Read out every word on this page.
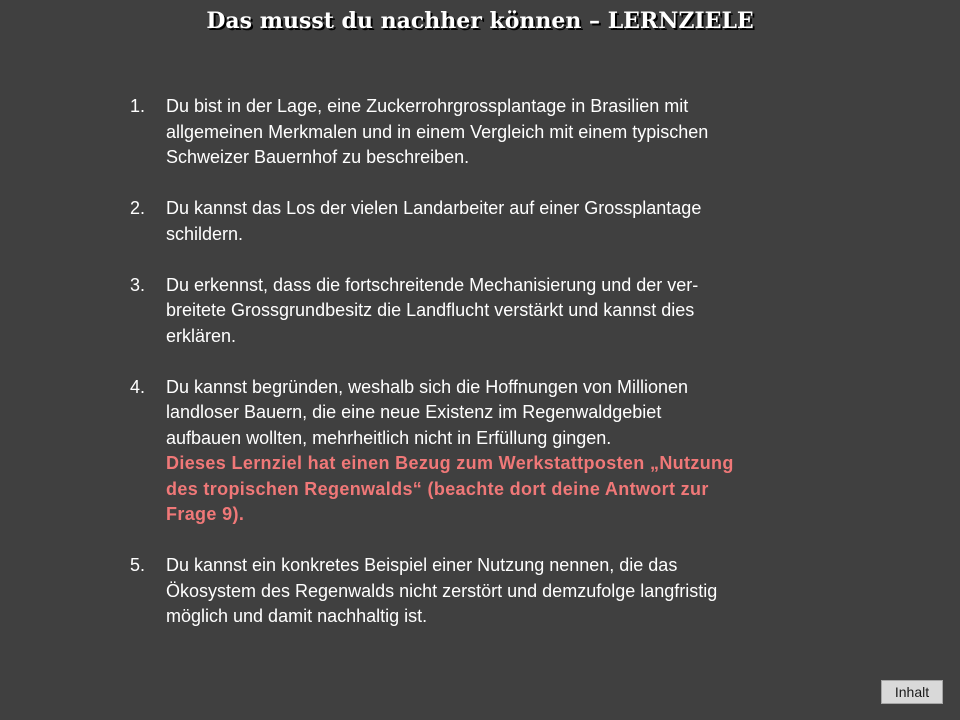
Das musst du nachher können – LERNZIELE
1.	Du bist in der Lage, eine Zuckerrohrgrossplantage in Brasilien mit
allgemeinen Merkmalen und in einem Vergleich mit einem typischen
Schweizer Bauernhof zu beschreiben.
2.	Du kannst das Los der vielen Landarbeiter auf einer Grossplantage
schildern.
3.	Du erkennst, dass die fortschreitende Mechanisierung und der ver-
breitete Grossgrundbesitz die Landflucht verstärkt und kannst dies
erklären.
4.	Du kannst begründen, weshalb sich die Hoffnungen von Millionen
landloser Bauern, die eine neue Existenz im Regenwaldgebiet
aufbauen wollten, mehrheitlich nicht in Erfüllung gingen.
Dieses Lernziel hat einen Bezug zum Werkstattposten „Nutzung
des tropischen Regenwalds“ (beachte dort deine Antwort zur
Frage 9).
5.	Du kannst ein konkretes Beispiel einer Nutzung nennen, die das
Ökosystem des Regenwalds nicht zerstört und demzufolge langfristig
möglich und damit nachhaltig ist.
Inhalt
